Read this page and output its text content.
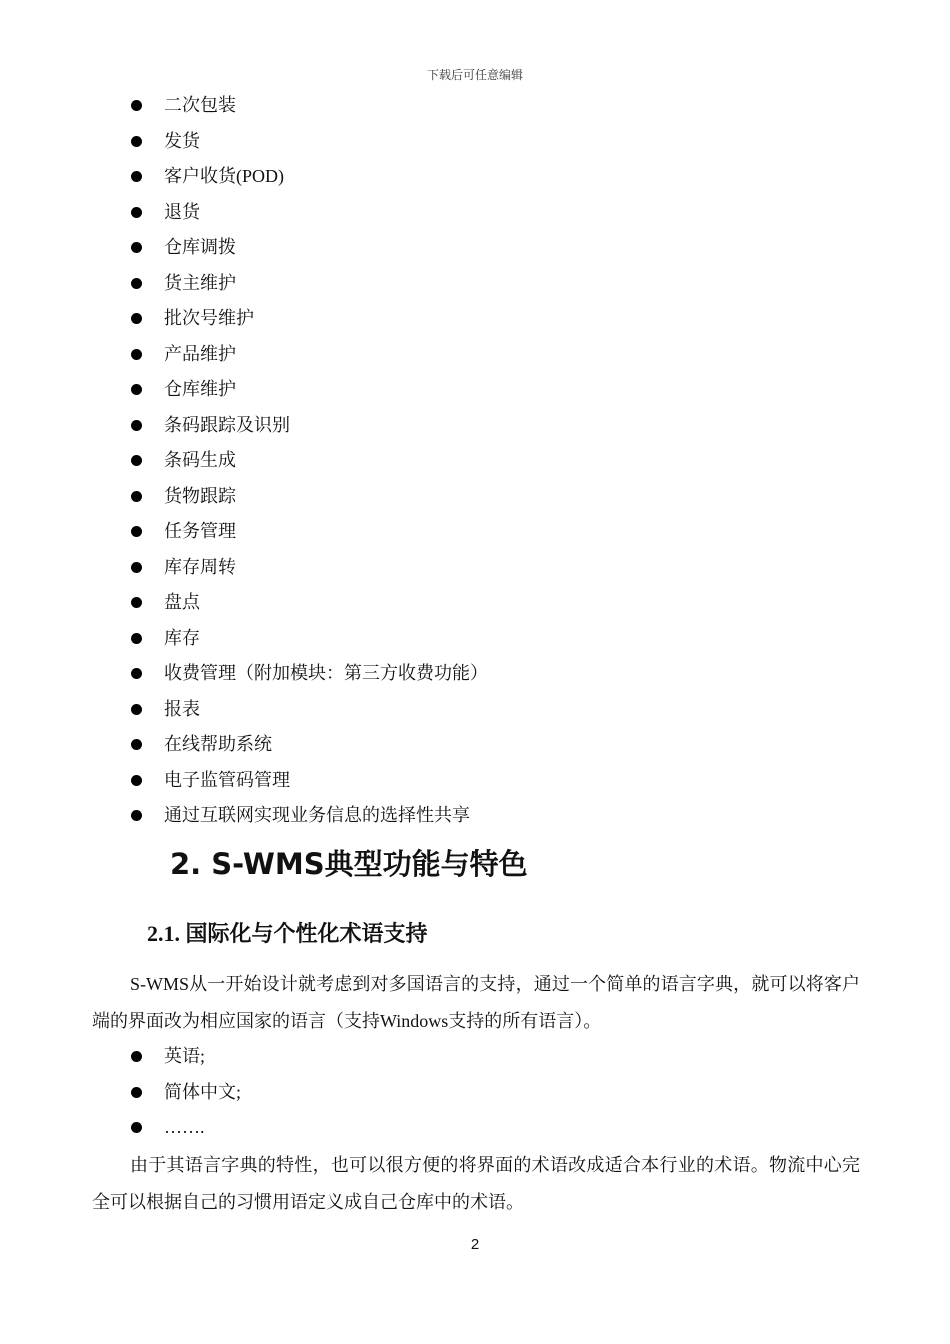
下载后可任意编辑
二次包装
发货
客户收货(POD)
退货
仓库调拨
货主维护
批次号维护
产品维护
仓库维护
条码跟踪及识别
条码生成
货物跟踪
任务管理
库存周转
盘点
库存
收费管理（附加模块：第三方收费功能）
报表
在线帮助系统
电子监管码管理
通过互联网实现业务信息的选择性共享
2. S-WMS典型功能与特色
2.1. 国际化与个性化术语支持

S-WMS从一开始设计就考虑到对多国语言的支持，通过一个简单的语言字典，就可以将客户端的界面改为相应国家的语言（支持Windows支持的所有语言）。

英语;
简体中文;
…….

由于其语言字典的特性，也可以很方便的将界面的术语改成适合本行业的术语。物流中心完全可以根据自己的习惯用语定义成自己仓库中的术语。

2
